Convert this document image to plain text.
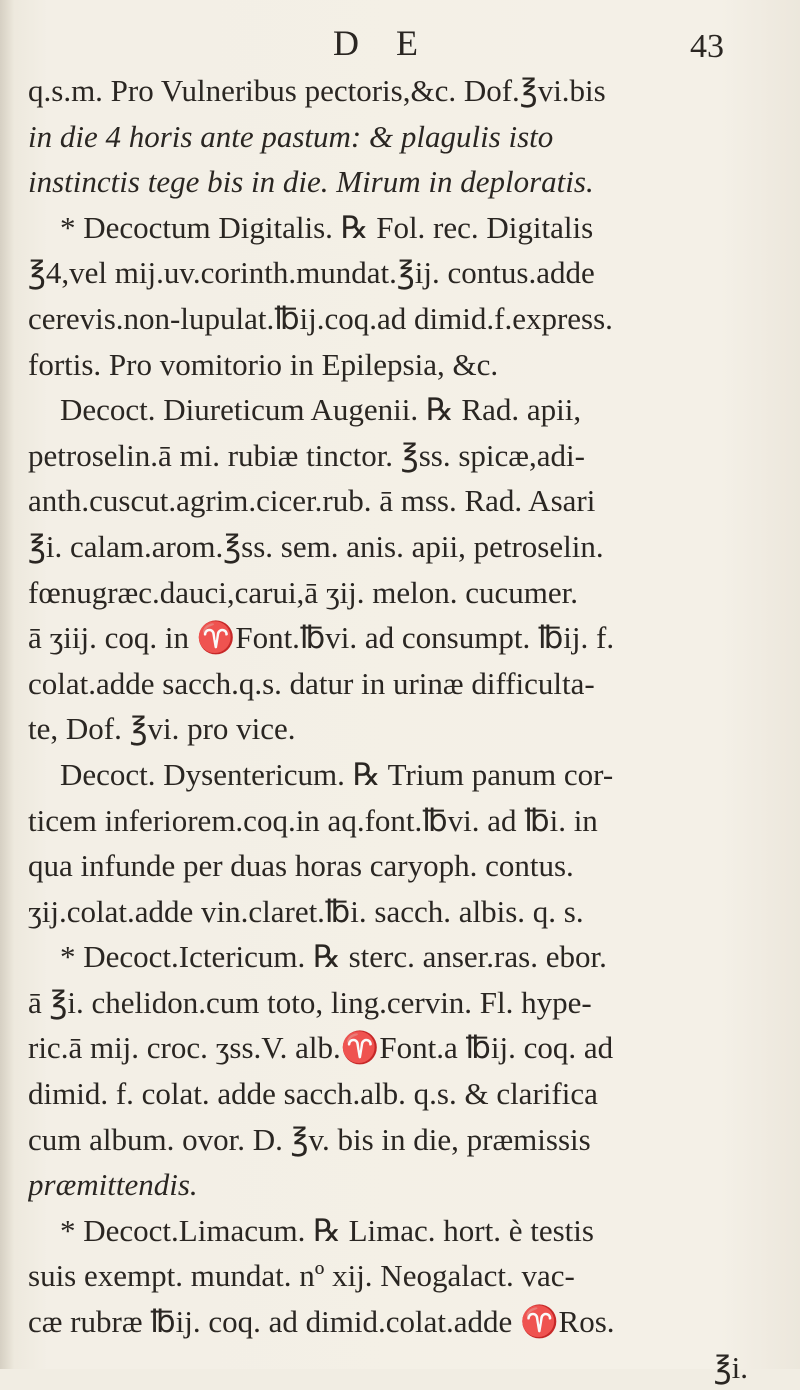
D E	43
q.s.m. Pro Vulneribus pectoris,&c. Dof.℥vi.bis
in die 4 horis ante pastum: & plagulis isto
instinctis tege bis in die. Mirum in deploratis.
* Decoctum Digitalis. ℞ Fol. rec. Digitalis
℥4,vel mij.uv.corinth.mundat.℥ij. contus.adde
cerevis.non-lupulat.℔ij.coq.ad dimid.f.express.
fortis. Pro vomitorio in Epilepsia, &c.
Decoct. Diureticum Augenii. ℞ Rad. apii,
petroselin.ā mi. rubiæ tinctor. ℥ss. spicæ,adi-
anth.cuscut.agrim.cicer.rub. ā mss. Rad. Asari
℥i. calam.arom.℥ss. sem. anis. apii, petroselin.
fœnugræc.dauci,carui,ā ʒij. melon. cucumer.
ā ʒiij. coq. in ♈Font.℔vi. ad consumpt. ℔ij. f.
colat.adde sacch.q.s. datur in urinæ difficulta-
te, Dof. ℥vi. pro vice.
Decoct. Dysentericum. ℞ Trium panum cor-
ticem inferiorem.coq.in aq.font.℔vi. ad ℔i. in
qua infunde per duas horas caryoph. contus.
ʒij.colat.adde vin.claret.℔i. sacch. albis. q. s.
* Decoct.Ictericum. ℞ sterc. anser.ras. ebor.
ā ℥i. chelidon.cum toto, ling.cervin. Fl. hype-
ric.ā mij. croc. ʒss.V. alb.♈Font.a ℔ij. coq. ad
dimid. f. colat. adde sacch.alb. q.s. & clarifica
cum album. ovor. D. ℥v. bis in die, præmissis
præmittendis.
* Decoct.Limacum. ℞ Limac. hort. è testis
suis exempt. mundat. nº xij. Neogalact. vac-
cæ rubræ ℔ij. coq. ad dimid.colat.adde ♈Ros.
℥i.
